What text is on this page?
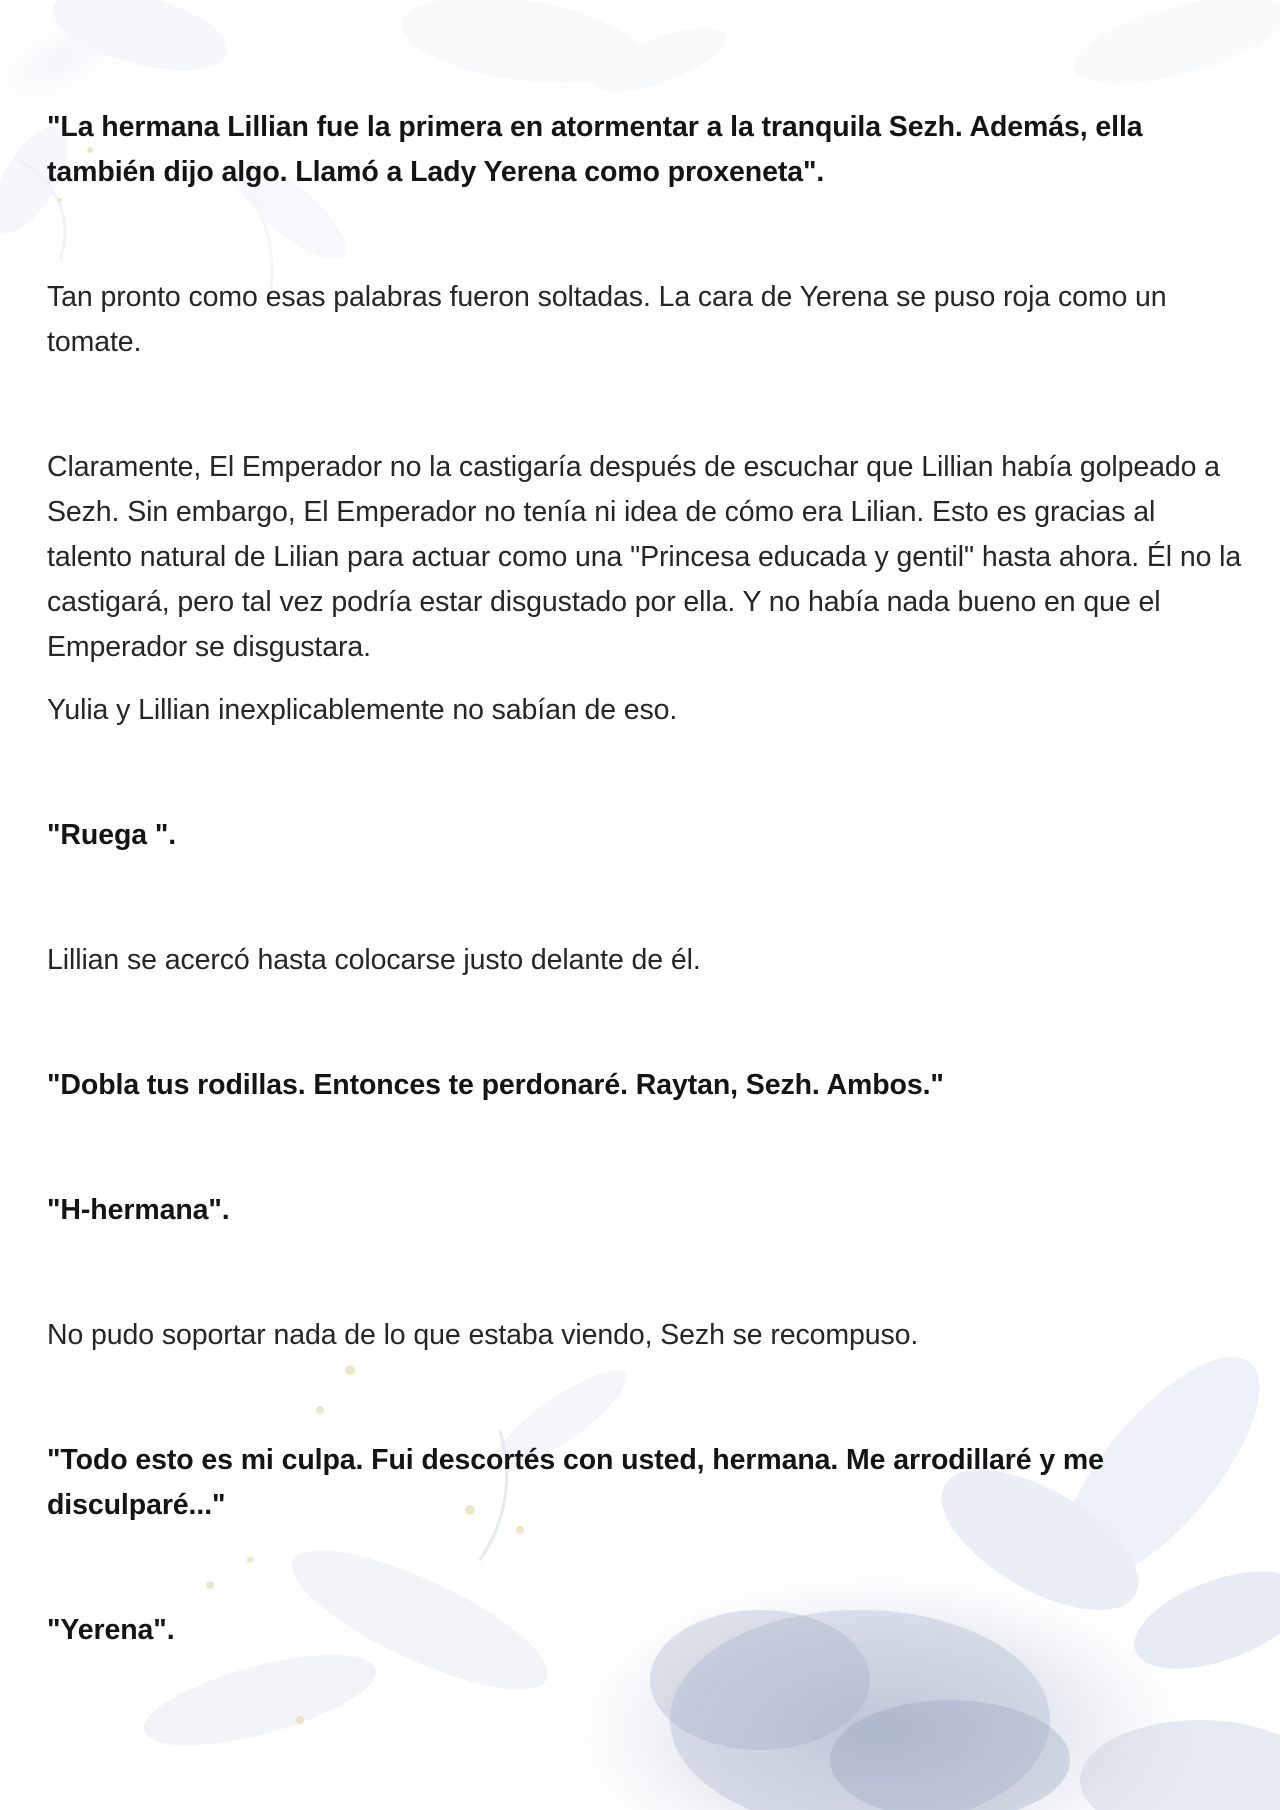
"La hermana Lillian fue la primera en atormentar a la tranquila Sezh. Además, ella también dijo algo. Llamó a Lady Yerena como proxeneta".

Tan pronto como esas palabras fueron soltadas. La cara de Yerena se puso roja como un tomate.

Claramente, El Emperador no la castigaría después de escuchar que Lillian había golpeado a Sezh. Sin embargo, El Emperador no tenía ni idea de cómo era Lilian. Esto es gracias al talento natural de Lilian para actuar como una "Princesa educada y gentil" hasta ahora. Él no la castigará, pero tal vez podría estar disgustado por ella. Y no había nada bueno en que el Emperador se disgustara.

Yulia y Lillian inexplicablemente no sabían de eso.

"Ruega ".

Lillian se acercó hasta colocarse justo delante de él.

"Dobla tus rodillas. Entonces te perdonaré. Raytan, Sezh. Ambos."

"H-hermana".

No pudo soportar nada de lo que estaba viendo, Sezh se recompuso.

"Todo esto es mi culpa. Fui descortés con usted, hermana. Me arrodillaré y me disculparé..."

"Yerena".
